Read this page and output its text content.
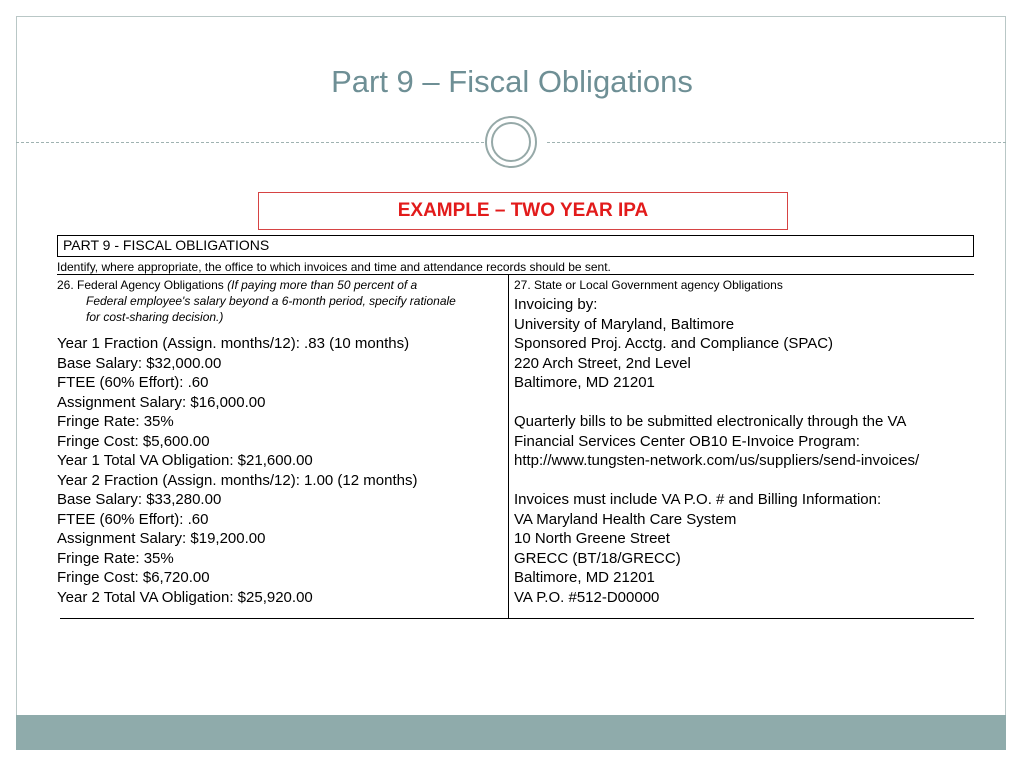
Part 9 – Fiscal Obligations
EXAMPLE – TWO YEAR IPA
PART 9 - FISCAL OBLIGATIONS
Identify, where appropriate, the office to which invoices and time and attendance records should be sent.
26. Federal Agency Obligations (If paying more than 50 percent of a
Federal employee's salary beyond a 6-month period, specify rationale
for cost-sharing decision.)
Year 1 Fraction (Assign. months/12): .83 (10 months)
Base Salary: $32,000.00
FTEE (60% Effort): .60
Assignment Salary: $16,000.00
Fringe Rate: 35%
Fringe Cost: $5,600.00
Year 1 Total VA Obligation: $21,600.00
Year 2 Fraction (Assign. months/12): 1.00 (12 months)
Base Salary: $33,280.00
FTEE (60% Effort): .60
Assignment Salary: $19,200.00
Fringe Rate: 35%
Fringe Cost: $6,720.00
Year 2 Total VA Obligation: $25,920.00
27. State or Local Government agency Obligations
Invoicing by:
University of Maryland, Baltimore
Sponsored Proj. Acctg. and Compliance (SPAC)
220 Arch Street, 2nd Level
Baltimore, MD 21201
Quarterly bills to be submitted electronically through the VA
Financial Services Center OB10 E-Invoice Program:
http://www.tungsten-network.com/us/suppliers/send-invoices/
Invoices must include VA P.O. # and Billing Information:
VA Maryland Health Care System
10 North Greene Street
GRECC (BT/18/GRECC)
Baltimore, MD 21201
VA P.O. #512-D00000
